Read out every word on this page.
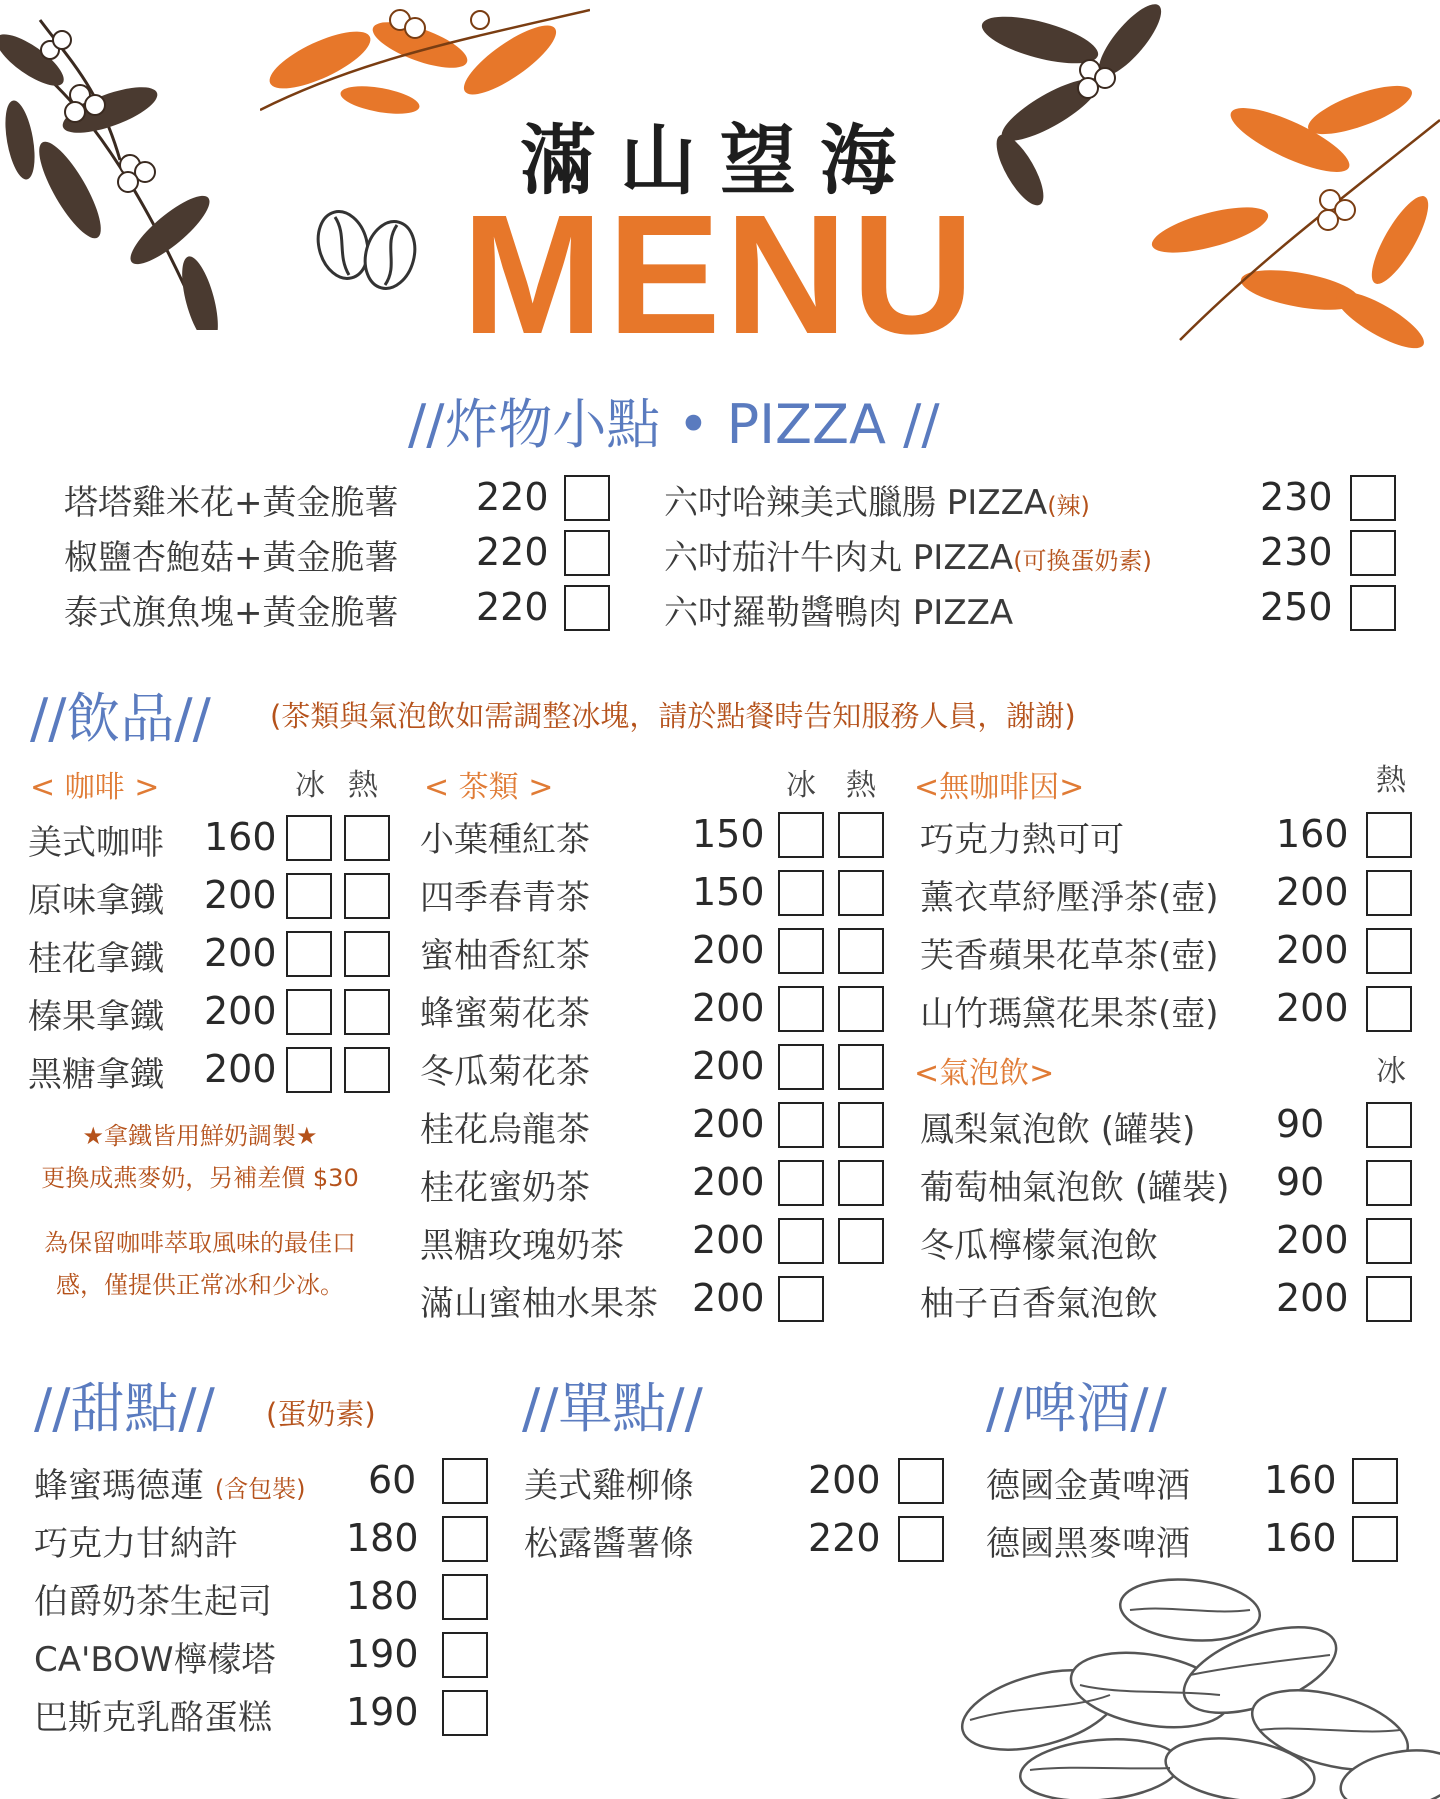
滿山望海
MENU
//炸物小點 • PIZZA //
塔塔雞米花+黃金脆薯 220
椒鹽杏鮑菇+黃金脆薯 220
泰式旗魚塊+黃金脆薯 220
六吋哈辣美式臘腸 PIZZA(辣)	230
六吋茄汁牛肉丸 PIZZA(可換蛋奶素)	230
六吋羅勒醬鴨肉 PIZZA	250
//飲品// (茶類與氣泡飲如需調整冰塊，請於點餐時告知服務人員，謝謝)
< 咖啡 >	冰 熱
美式咖啡 160
原味拿鐵 200
桂花拿鐵 200
榛果拿鐵 200
黑糖拿鐵 200
★拿鐵皆用鮮奶調製★
更換成燕麥奶，另補差價 $30
為保留咖啡萃取風味的最佳口
感，僅提供正常冰和少冰。
< 茶類 >	冰 熱
小葉種紅茶	150
四季春青茶	150
蜜柚香紅茶	200
蜂蜜菊花茶	200
冬瓜菊花茶	200
桂花烏龍茶	200
桂花蜜奶茶	200
黑糖玫瑰奶茶 200
滿山蜜柚水果茶 200
<無咖啡因>	熱
巧克力熱可可	160
薰衣草紓壓淨茶(壺) 200
芙香蘋果花草茶(壺) 200
山竹瑪黛花果茶(壺) 200
<氣泡飲>	冰
鳳梨氣泡飲 (罐裝) 90
葡萄柚氣泡飲 (罐裝) 90
冬瓜檸檬氣泡飲	200
柚子百香氣泡飲	200
//甜點// (蛋奶素)
蜂蜜瑪德蓮 (含包裝) 60
巧克力甘納許	180
伯爵奶茶生起司 180
CA'BOW檸檬塔 190
巴斯克乳酪蛋糕 190
//單點//
美式雞柳條	200
松露醬薯條	220
//啤酒//
德國金黃啤酒 160
德國黑麥啤酒 160
